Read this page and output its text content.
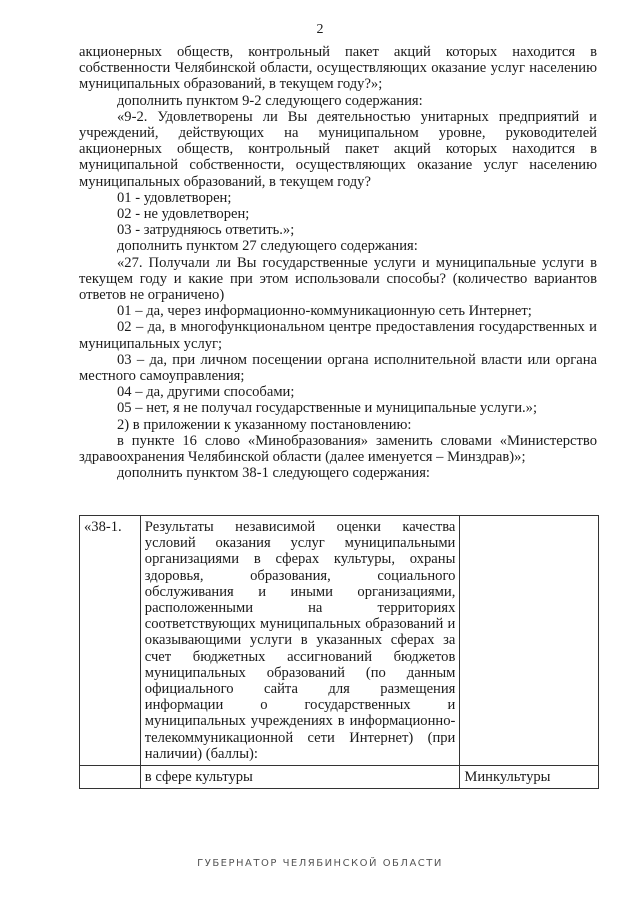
2

акционерных обществ, контрольный пакет акций которых находится в собственности Челябинской области, осуществляющих оказание услуг населению муниципальных образований, в текущем году?»;

дополнить пунктом 9-2 следующего содержания:

«9-2. Удовлетворены ли Вы деятельностью унитарных предприятий и учреждений, действующих на муниципальном уровне, руководителей акционерных обществ, контрольный пакет акций которых находится в муниципальной собственности, осуществляющих оказание услуг населению муниципальных образований, в текущем году?

01 - удовлетворен;

02 - не удовлетворен;

03 - затрудняюсь ответить.»;

дополнить пунктом 27 следующего содержания:

«27. Получали ли Вы государственные услуги и муниципальные услуги в текущем году и какие при этом использовали способы? (количество вариантов ответов не ограничено)

01 – да, через информационно-коммуникационную сеть Интернет;

02 – да, в многофункциональном центре предоставления государственных и муниципальных услуг;

03 – да, при личном посещении органа исполнительной власти или органа местного самоуправления;

04 – да, другими способами;

05 – нет, я не получал государственные и муниципальные услуги.»;

2) в приложении к указанному постановлению:

в пункте 16 слово «Минобразования» заменить словами «Министерство здравоохранения Челябинской области (далее именуется – Минздрав)»;

дополнить пунктом 38-1 следующего содержания:

«38-1.	Результаты независимой оценки качества условий оказания услуг муниципальными организациями в сферах культуры, охраны здоровья, образования, социального обслуживания и иными организациями, расположенными на территориях соответствующих муниципальных образований и оказывающими услуги в указанных сферах за счет бюджетных ассигнований бюджетов муниципальных образований (по данным официального сайта для размещения информации о государственных и муниципальных учреждениях в информационно-телекоммуникационной сети Интернет) (при наличии) (баллы):	
	в сфере культуры	Минкультуры
ГУБЕРНАТОР ЧЕЛЯБИНСКОЙ ОБЛАСТИ
